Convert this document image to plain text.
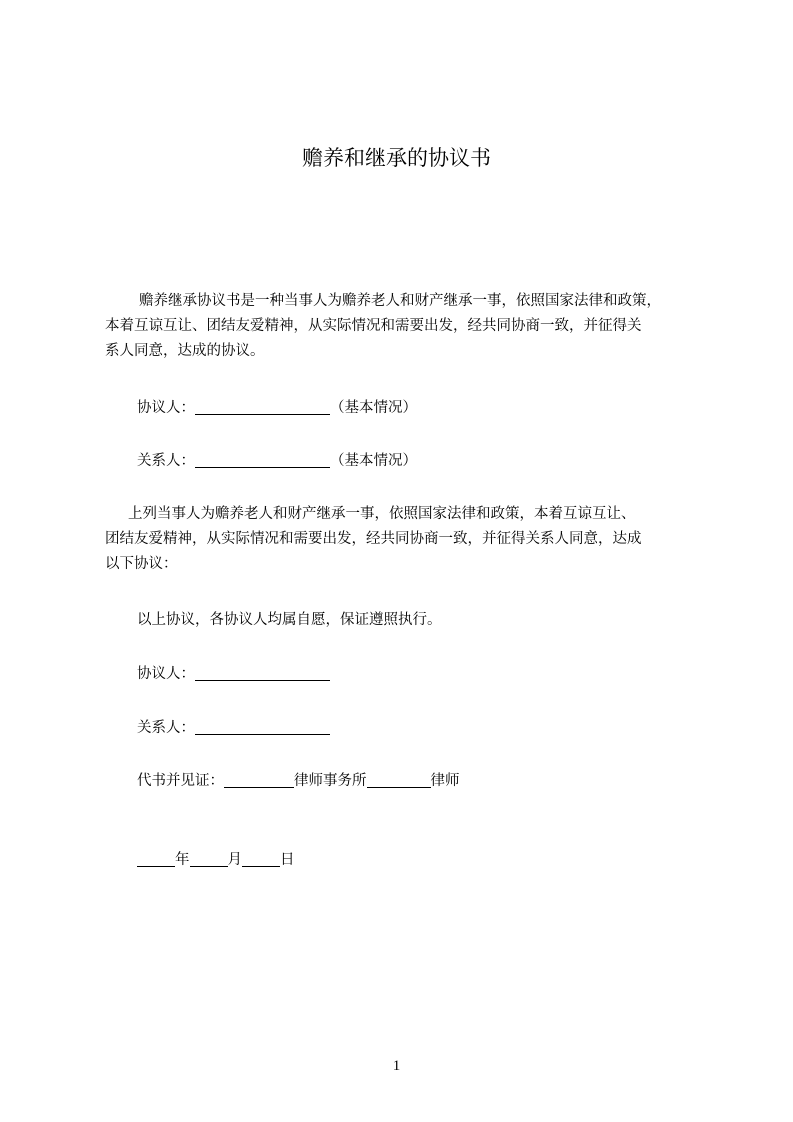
赡养和继承的协议书
赡养继承协议书是一种当事人为赡养老人和财产继承一事，依照国家法律和政策，
本着互谅互让、团结友爱精神，从实际情况和需要出发，经共同协商一致，并征得关
系人同意，达成的协议。
协议人：	（基本情况）
关系人：	（基本情况）
上列当事人为赡养老人和财产继承一事，依照国家法律和政策，本着互谅互让、
团结友爱精神，从实际情况和需要出发，经共同协商一致，并征得关系人同意，达成
以下协议：
以上协议，各协议人均属自愿，保证遵照执行。
协议人：
关系人：
代书并见证：	律师事务所	律师
年	月	日
1
